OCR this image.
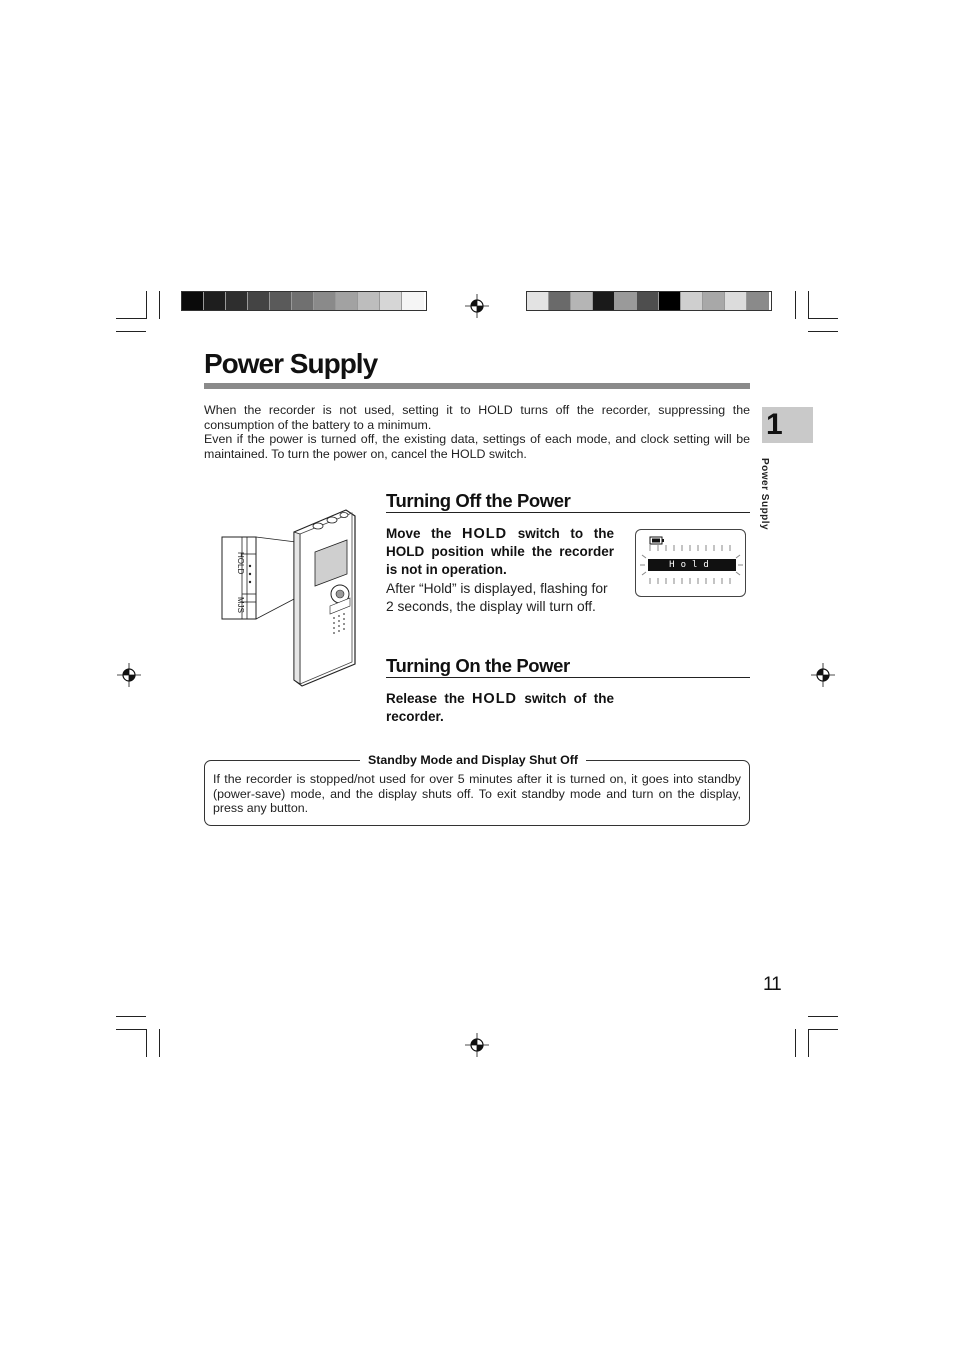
Power Supply

When the recorder is not used, setting it to HOLD turns off the recorder, suppressing the consumption of the battery to a minimum.

Even if the power is turned off, the existing data, settings of each mode, and clock setting will be maintained. To turn the power on, cancel the HOLD switch.

1
Power Supply
HOLD
MJS
Turning Off the Power

Move the HOLD switch to the HOLD position while the recorder is not in operation.

After “Hold” is displayed, flashing for 2 seconds, the display will turn off.

Hold
Turning On the Power

Release the HOLD switch of the recorder.

Standby Mode and Display Shut Off

If the recorder is stopped/not used for over 5 minutes after it is turned on, it goes into standby (power-save) mode, and the display shuts off. To exit standby mode and turn on the display, press any button.

11
